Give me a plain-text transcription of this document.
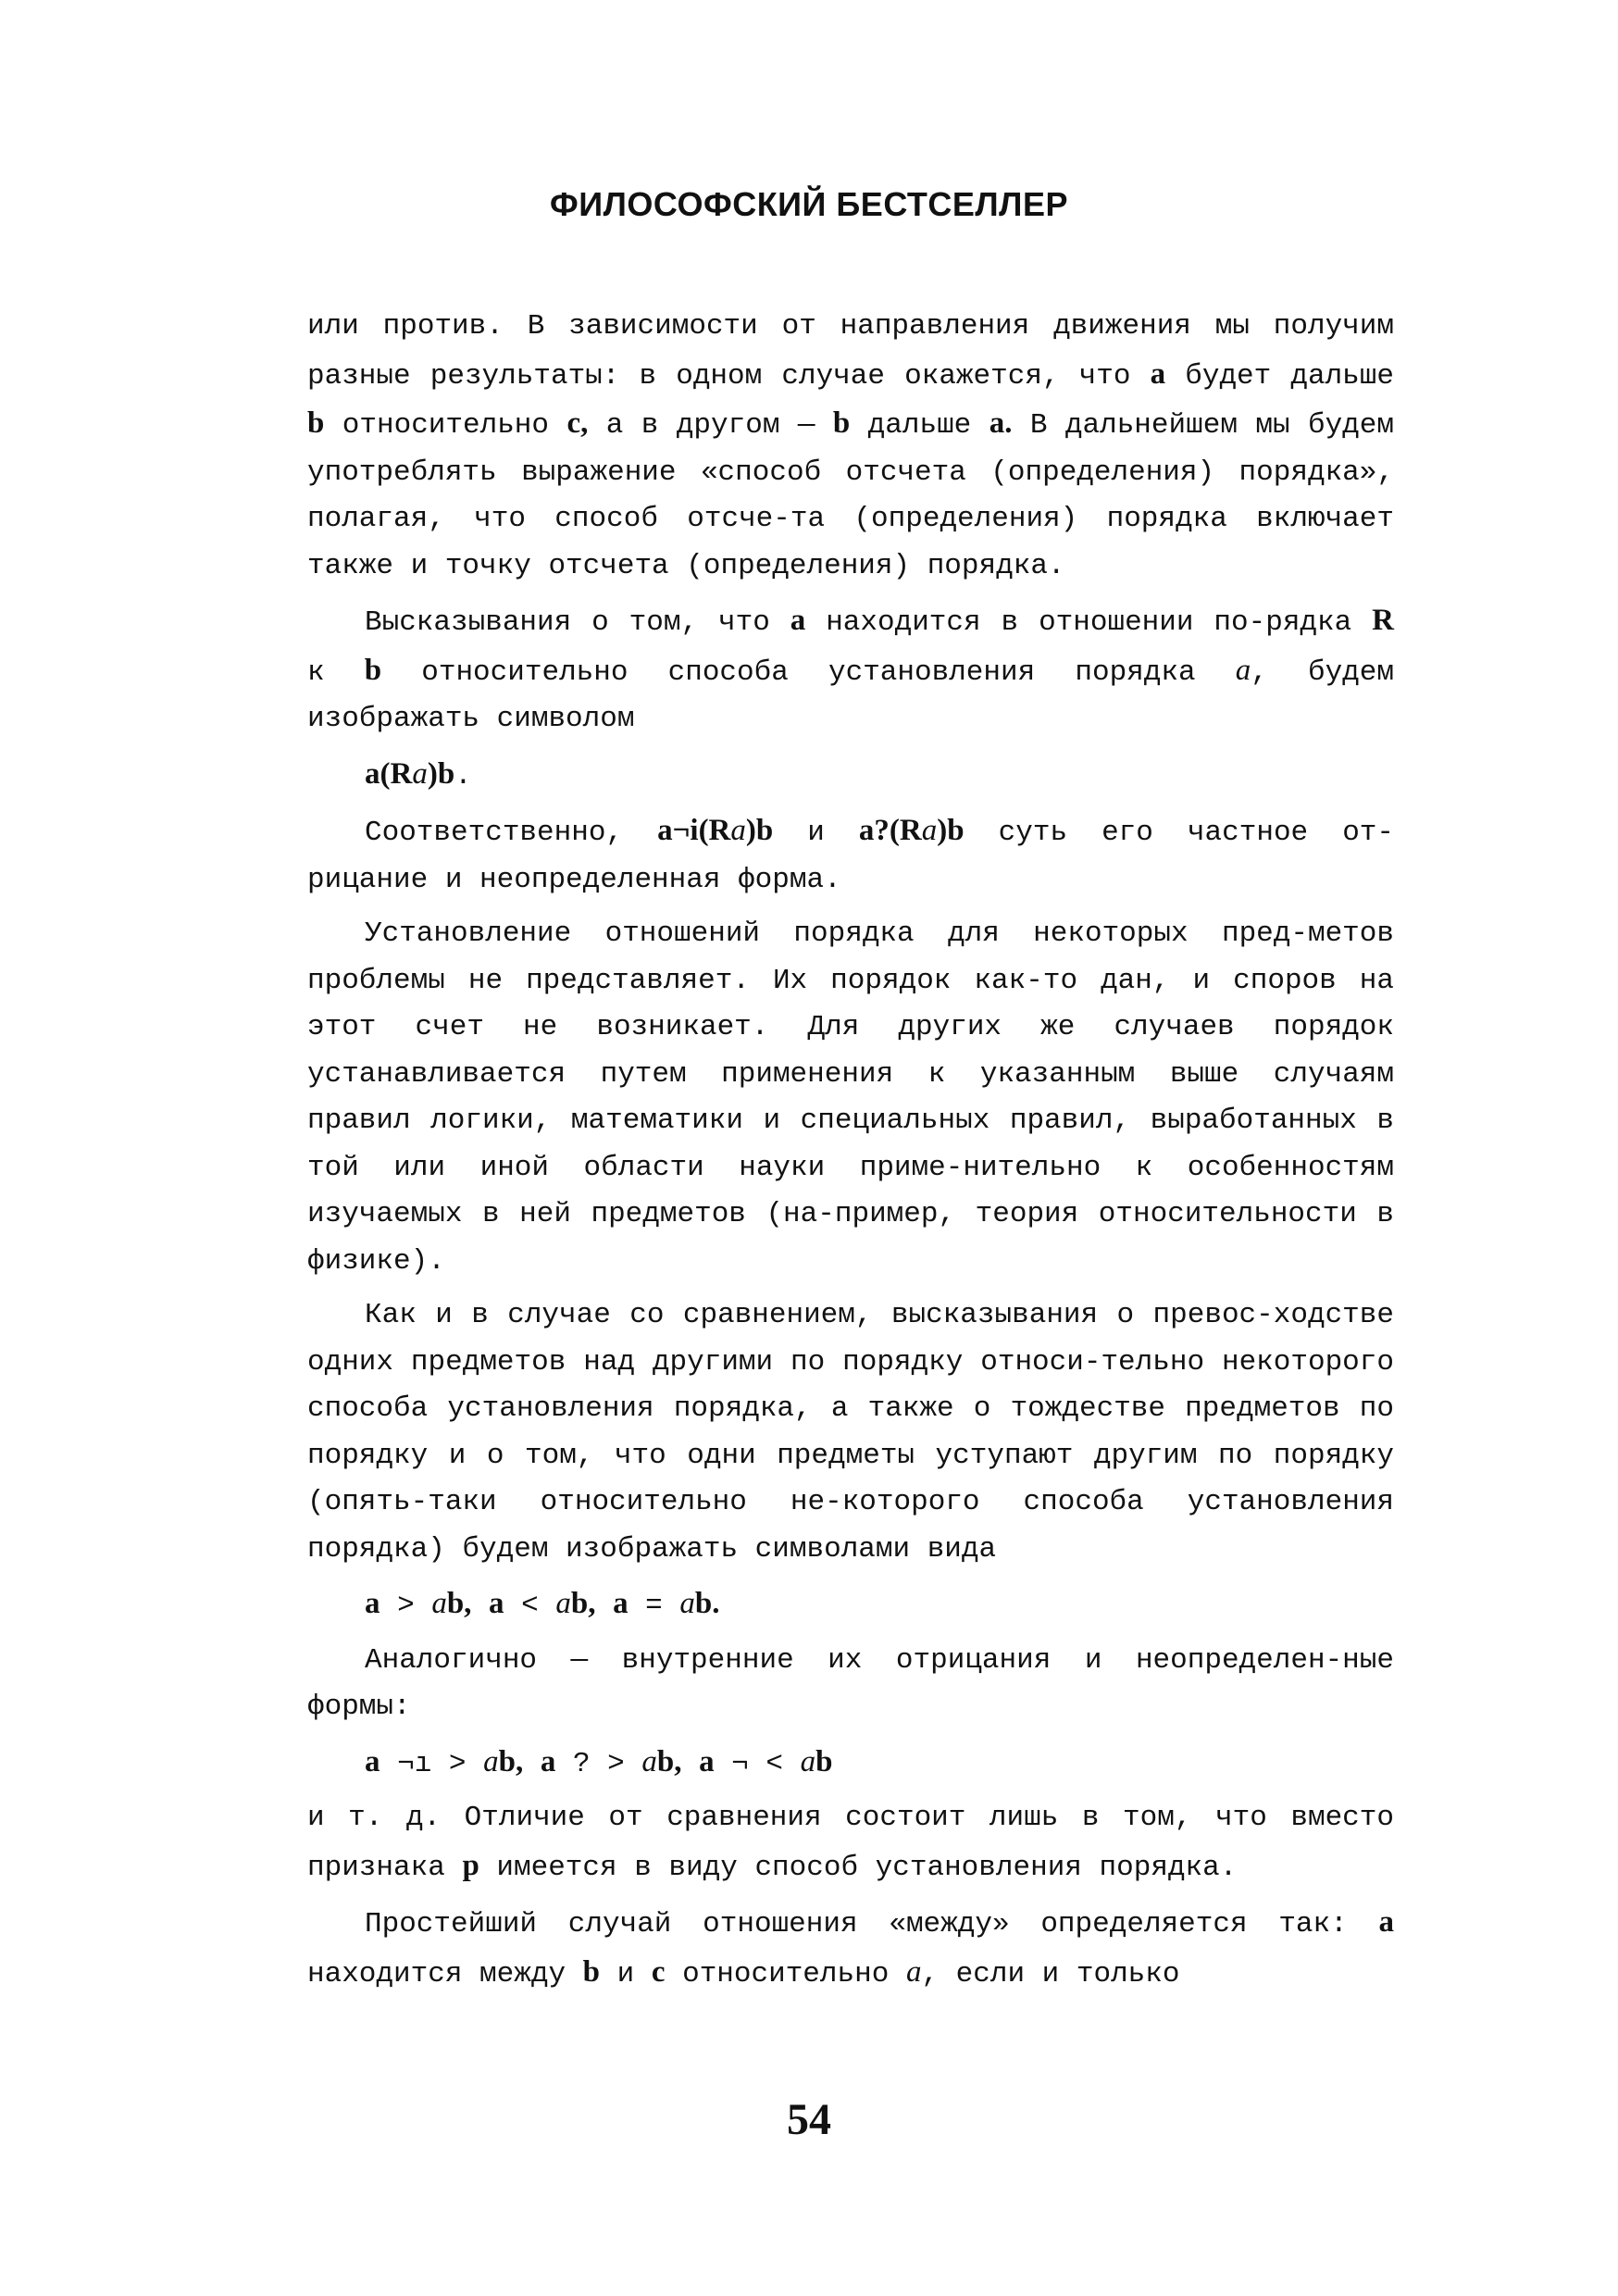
ФИЛОСОФСКИЙ БЕСТСЕЛЛЕР

или против. В зависимости от направления движения мы получим разные результаты: в одном случае окажется, что a будет дальше b относительно c, а в другом — b дальше a. В дальнейшем мы будем употреблять выражение «способ отсчета (определения) порядка», полагая, что способ отсче-та (определения) порядка включает также и точку отсчета (определения) порядка.

Высказывания о том, что a находится в отношении по-рядка R к b относительно способа установления порядка a, будем изображать символом

a(Ra)b.

Соответственно, a¬i(Ra)b и a?(Ra)b суть его частное от-рицание и неопределенная форма.

Установление отношений порядка для некоторых пред-метов проблемы не представляет. Их порядок как-то дан, и споров на этот счет не возникает. Для других же случаев порядок устанавливается путем применения к указанным выше случаям правил логики, математики и специальных правил, выработанных в той или иной области науки приме-нительно к особенностям изучаемых в ней предметов (на-пример, теория относительности в физике).

Как и в случае со сравнением, высказывания о превос-ходстве одних предметов над другими по порядку относи-тельно некоторого способа установления порядка, а также о тождестве предметов по порядку и о том, что одни предметы уступают другим по порядку (опять-таки относительно не-которого способа установления порядка) будем изображать символами вида

a > ab, a < ab, a = ab.

Аналогично — внутренние их отрицания и неопределен-ные формы:

a ¬ı > ab, a ? > ab, a ¬ < ab

и т. д. Отличие от сравнения состоит лишь в том, что вместо признака p имеется в виду способ установления порядка.

Простейший случай отношения «между» определяется так: a находится между b и c относительно a, если и только

54
